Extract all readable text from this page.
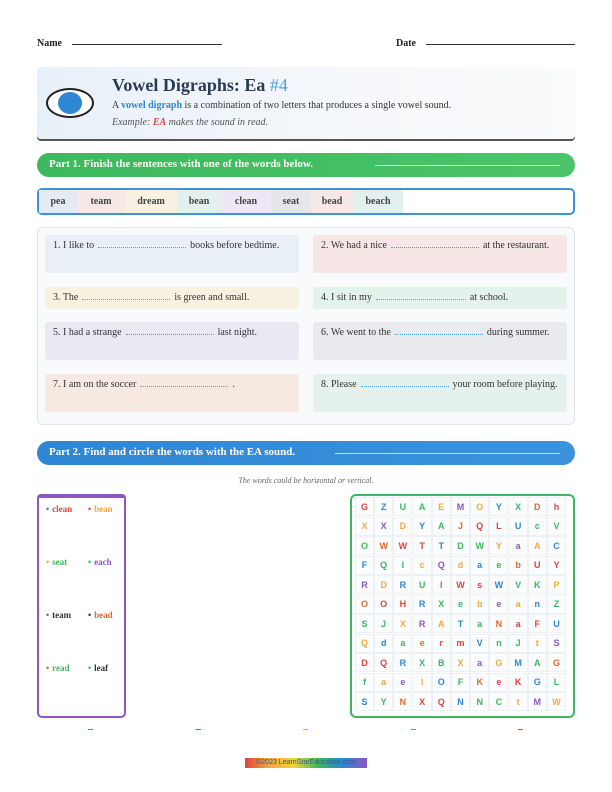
Name	Date
Vowel Digraphs: Ea #4
A vowel digraph is a combination of two letters that produces a single vowel sound.
Example: EA makes the sound in read.
Part 1. Finish the sentences with one of the words below.
pea	team	dream	bean	clean	seat	bead	beach
1. I like to	books before bedtime.	2. We had a nice	at the restaurant.
3. The	is green and small.	4. I sit in my	at school.
5. I had a strange	last night.	6. We went to the	during summer.
7. I am on the soccer	.	8. Please	your room before playing.
Part 2. Find and circle the words with the EA sound.
The words could be horizontal or vertical.
• clean • bean
• seat • each
• team • bead
• read • leaf
G	Z	U	A	E	M	O	Y	X	D	h
X	X	D	Y	A	J	Q	L	U	c	V
O	W	W	T	T	D	W	Y	a	A	C
F	Q	I	c	Q	d	a	e	b	U	Y
R	D	R	U	I	W	s	W	V	K	P
O	O	H	R	X	e	b	e	a	n	Z
S	J	X	R	A	T	a	N	a	F	U
Q	d	a	e	r	m	V	n	J	t	S
D	Q	R	X	B	X	a	G	M	A	G
f	a	e	l	O	F	K	e	K	G	L
S	Y	N	X	Q	N	N	C	t	M	W
©2023 LearnStarEducation.com
